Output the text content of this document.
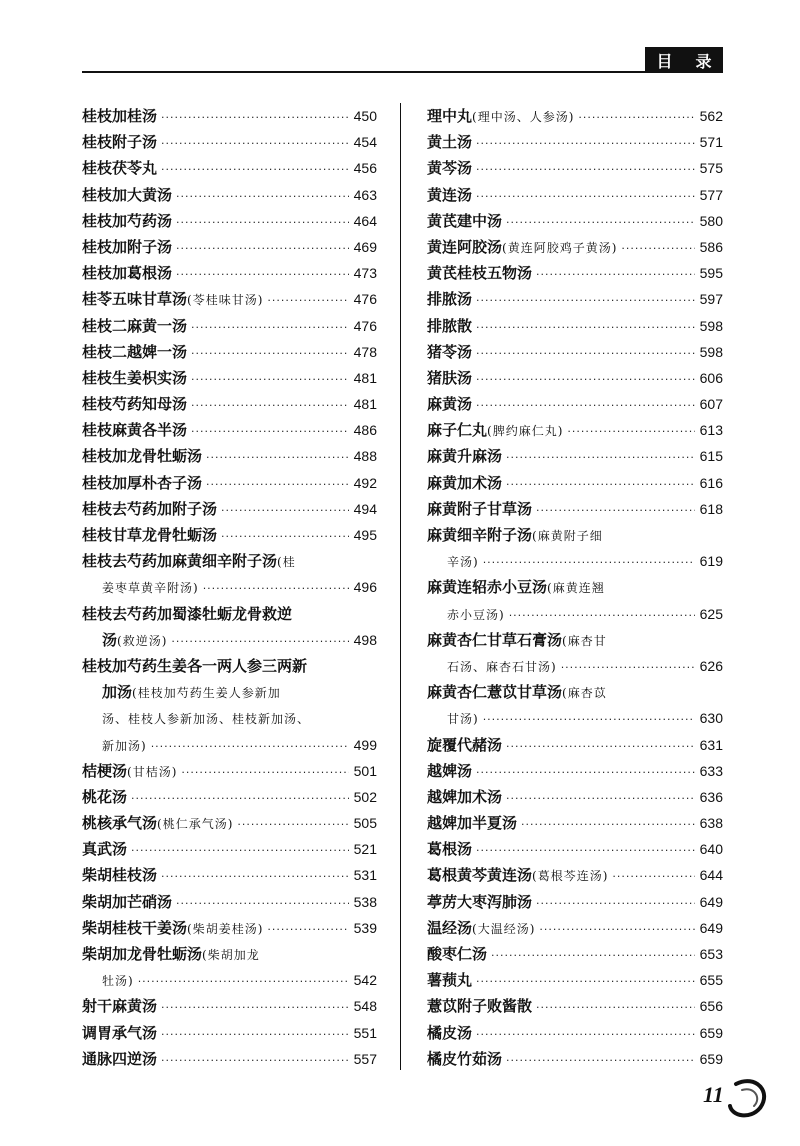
目 录
桂枝加桂汤 ·····	450
桂枝附子汤 ·····	454
桂枝茯苓丸 ·····	456
桂枝加大黄汤 ·····	463
桂枝加芍药汤 ·····	464
桂枝加附子汤 ·····	469
桂枝加葛根汤 ·····	473
桂苓五味甘草汤(苓桂味甘汤) ·····	476
桂枝二麻黄一汤 ·····	476
桂枝二越婢一汤 ·····	478
桂枝生姜枳实汤 ·····	481
桂枝芍药知母汤 ·····	481
桂枝麻黄各半汤 ·····	486
桂枝加龙骨牡蛎汤 ·····	488
桂枝加厚朴杏子汤 ·····	492
桂枝去芍药加附子汤 ·····	494
桂枝甘草龙骨牡蛎汤 ·····	495
桂枝去芍药加麻黄细辛附子汤(桂
姜枣草黄辛附汤) ·····	496
桂枝去芍药加蜀漆牡蛎龙骨救逆
汤(救逆汤) ·····	498
桂枝加芍药生姜各一两人参三两新
加汤(桂枝加芍药生姜人参新加
汤、桂枝人参新加汤、桂枝新加汤、
新加汤) ·····	499
桔梗汤(甘桔汤) ·····	501
桃花汤 ·····	502
桃核承气汤(桃仁承气汤) ·····	505
真武汤 ·····	521
柴胡桂枝汤 ·····	531
柴胡加芒硝汤 ·····	538
柴胡桂枝干姜汤(柴胡姜桂汤) ·····	539
柴胡加龙骨牡蛎汤(柴胡加龙
牡汤) ·····	542
射干麻黄汤 ·····	548
调胃承气汤 ·····	551
通脉四逆汤 ·····	557
理中丸(理中汤、人参汤) ·····	562
黄土汤 ·····	571
黄芩汤 ·····	575
黄连汤 ·····	577
黄芪建中汤 ·····	580
黄连阿胶汤(黄连阿胶鸡子黄汤) ·····	586
黄芪桂枝五物汤 ·····	595
排脓汤 ·····	597
排脓散 ·····	598
猪苓汤 ·····	598
猪肤汤 ·····	606
麻黄汤 ·····	607
麻子仁丸(脾约麻仁丸) ·····	613
麻黄升麻汤 ·····	615
麻黄加术汤 ·····	616
麻黄附子甘草汤 ·····	618
麻黄细辛附子汤(麻黄附子细
辛汤) ·····	619
麻黄连轺赤小豆汤(麻黄连翘
赤小豆汤) ·····	625
麻黄杏仁甘草石膏汤(麻杏甘
石汤、麻杏石甘汤) ·····	626
麻黄杏仁薏苡甘草汤(麻杏苡
甘汤) ·····	630
旋覆代赭汤 ·····	631
越婢汤 ·····	633
越婢加术汤 ·····	636
越婢加半夏汤 ·····	638
葛根汤 ·····	640
葛根黄芩黄连汤(葛根芩连汤) ·····	644
葶苈大枣泻肺汤 ·····	649
温经汤(大温经汤) ·····	649
酸枣仁汤 ·····	653
薯蓣丸 ·····	655
薏苡附子败酱散 ·····	656
橘皮汤 ·····	659
橘皮竹茹汤 ·····	659
11
